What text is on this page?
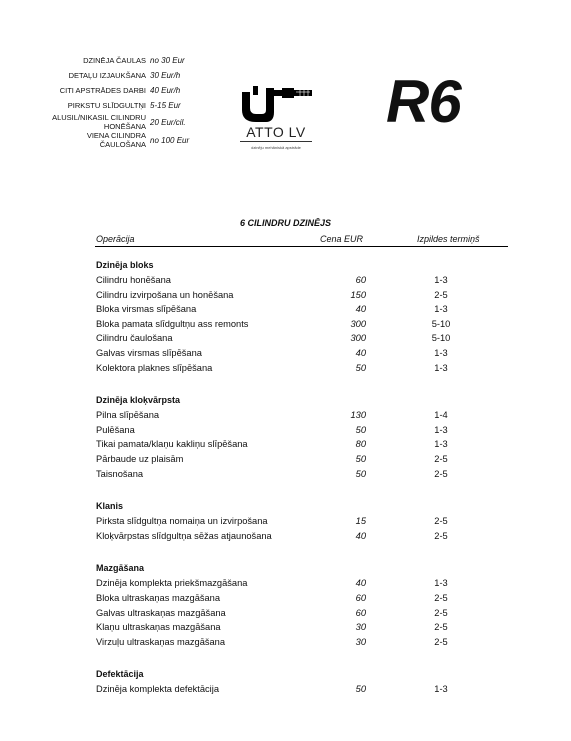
DZINĒJA ČAULAS no 30 Eur
DETAĻU IZJAUKŠANA 30 Eur/h
CITI APSTRĀDES DARBI 40 Eur/h
PIRKSTU SLĪDGULTŅI 5-15 Eur
ALUSIL/NIKASIL CILINDRU HONĒŠANA 20 Eur/cil.
VIENA CILINDRA ČAULOŠANA no 100 Eur	ATTO LV
dzinēju mehāniskā apstrāde
R6
6 CILINDRU DZINĒJS
Operācija	Cena EUR	Izpildes termiņš
Dzinēja bloks
Cilindru honēšana	60	1-3
Cilindru izvirpošana un honēšana	150	2-5
Bloka virsmas slīpēšana	40	1-3
Bloka pamata slīdgultņu ass remonts	300	5-10
Cilindru čaulošana	300	5-10
Galvas virsmas slīpēšana	40	1-3
Kolektora plaknes slīpēšana	50	1-3
Dzinēja kloķvārpsta
Pilna slīpēšana	130	1-4
Pulēšana	50	1-3
Tikai pamata/klaņu kakliņu slīpēšana	80	1-3
Pārbaude uz plaisām	50	2-5
Taisnošana	50	2-5
Klanis
Pirksta slīdgultņa nomaiņa un izvirpošana	15	2-5
Kloķvārpstas slīdgultņa sēžas atjaunošana	40	2-5
Mazgāšana
Dzinēja komplekta priekšmazgāšana	40	1-3
Bloka ultraskaņas mazgāšana	60	2-5
Galvas ultraskaņas mazgāšana	60	2-5
Klaņu ultraskaņas mazgāšana	30	2-5
Virzuļu ultraskaņas mazgāšana	30	2-5
Defektācija
Dzinēja komplekta defektācija	50	1-3
